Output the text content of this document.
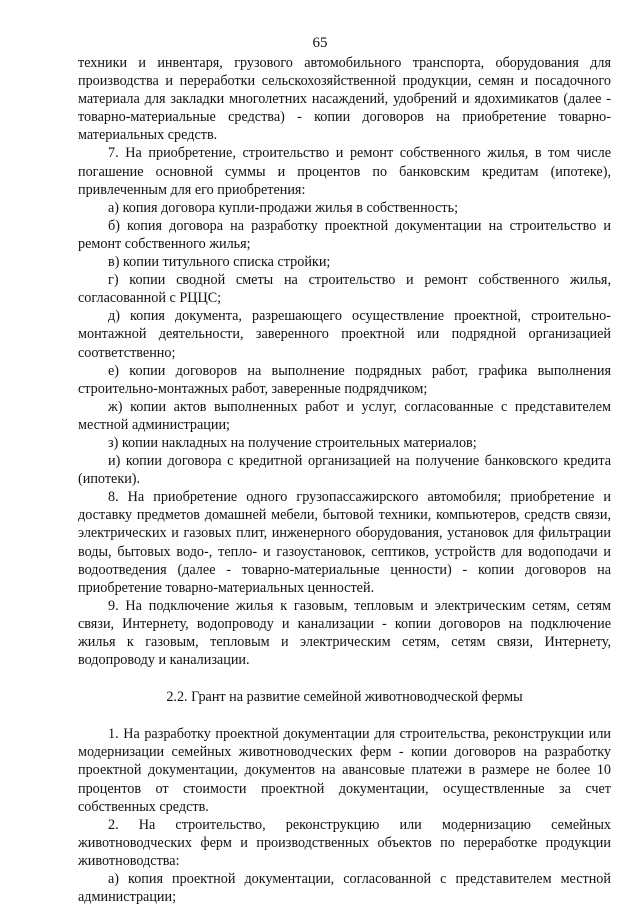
65

техники и инвентаря, грузового автомобильного транспорта, оборудования для производства и переработки сельскохозяйственной продукции, семян и посадочного материала для закладки многолетних насаждений, удобрений и ядохимикатов (далее - товарно-материальные средства) - копии договоров на приобретение товарно-материальных средств.

7. На приобретение, строительство и ремонт собственного жилья, в том числе погашение основной суммы и процентов по банковским кредитам (ипотеке), привлеченным для его приобретения:

а) копия договора купли-продажи жилья в собственность;

б) копия договора на разработку проектной документации на строительство и ремонт собственного жилья;

в) копии титульного списка стройки;

г) копии сводной сметы на строительство и ремонт собственного жилья, согласованной с РЦЦС;

д) копия документа, разрешающего осуществление проектной, строительно-монтажной деятельности, заверенного проектной или подрядной организацией соответственно;

е) копии договоров на выполнение подрядных работ, графика выполнения строительно-монтажных работ, заверенные подрядчиком;

ж) копии актов выполненных работ и услуг, согласованные с представителем местной администрации;

з) копии накладных на получение строительных материалов;

и) копии договора с кредитной организацией на получение банковского кредита (ипотеки).

8. На приобретение одного грузопассажирского автомобиля; приобретение и доставку предметов домашней мебели, бытовой техники, компьютеров, средств связи, электрических и газовых плит, инженерного оборудования, установок для фильтрации воды, бытовых водо-, тепло- и газоустановок, септиков, устройств для водоподачи и водоотведения (далее - товарно-материальные ценности) - копии договоров на приобретение товарно-материальных ценностей.

9. На подключение жилья к газовым, тепловым и электрическим сетям, сетям связи, Интернету, водопроводу и канализации - копии договоров на подключение жилья к газовым, тепловым и электрическим сетям, сетям связи, Интернету, водопроводу и канализации.

2.2. Грант на развитие семейной животноводческой фермы

1. На разработку проектной документации для строительства, реконструкции или модернизации семейных животноводческих ферм - копии договоров на разработку проектной документации, документов на авансовые платежи в размере не более 10 процентов от стоимости проектной документации, осуществленные за счет собственных средств.

2. На строительство, реконструкцию или модернизацию семейных животноводческих ферм и производственных объектов по переработке продукции животноводства:

а) копия проектной документации, согласованной с представителем местной администрации;
